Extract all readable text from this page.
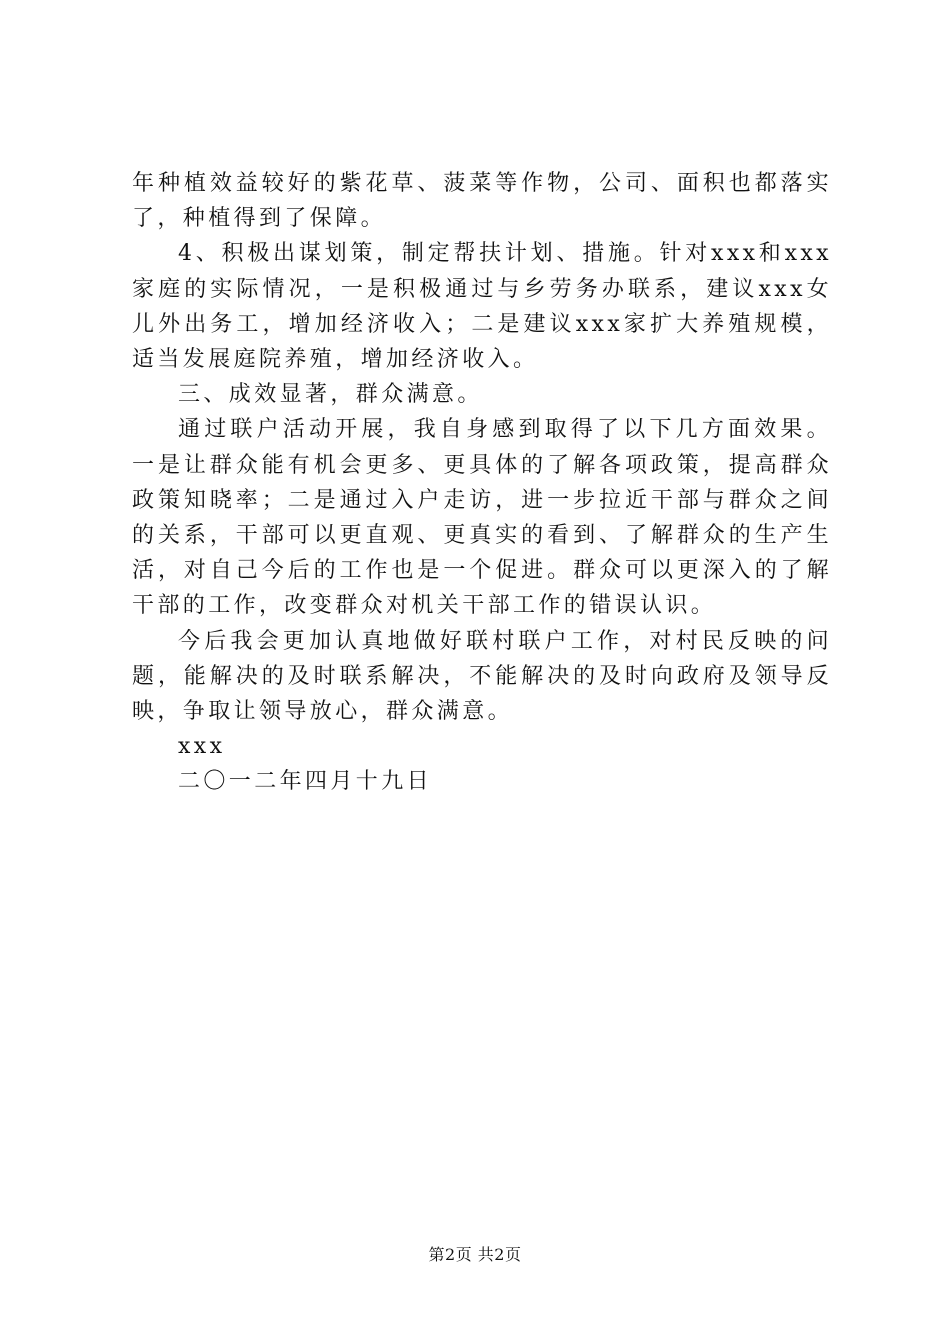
年种植效益较好的紫花草、菠菜等作物，公司、面积也都落实了，种植得到了保障。

4、积极出谋划策，制定帮扶计划、措施。针对xxx和xxx家庭的实际情况，一是积极通过与乡劳务办联系，建议xxx女儿外出务工，增加经济收入；二是建议xxx家扩大养殖规模，适当发展庭院养殖，增加经济收入。

三、成效显著，群众满意。

通过联户活动开展，我自身感到取得了以下几方面效果。一是让群众能有机会更多、更具体的了解各项政策，提高群众政策知晓率；二是通过入户走访，进一步拉近干部与群众之间的关系，干部可以更直观、更真实的看到、了解群众的生产生活，对自己今后的工作也是一个促进。群众可以更深入的了解干部的工作，改变群众对机关干部工作的错误认识。

今后我会更加认真地做好联村联户工作，对村民反映的问题，能解决的及时联系解决，不能解决的及时向政府及领导反映，争取让领导放心，群众满意。

xxx

二〇一二年四月十九日

第2页 共2页
